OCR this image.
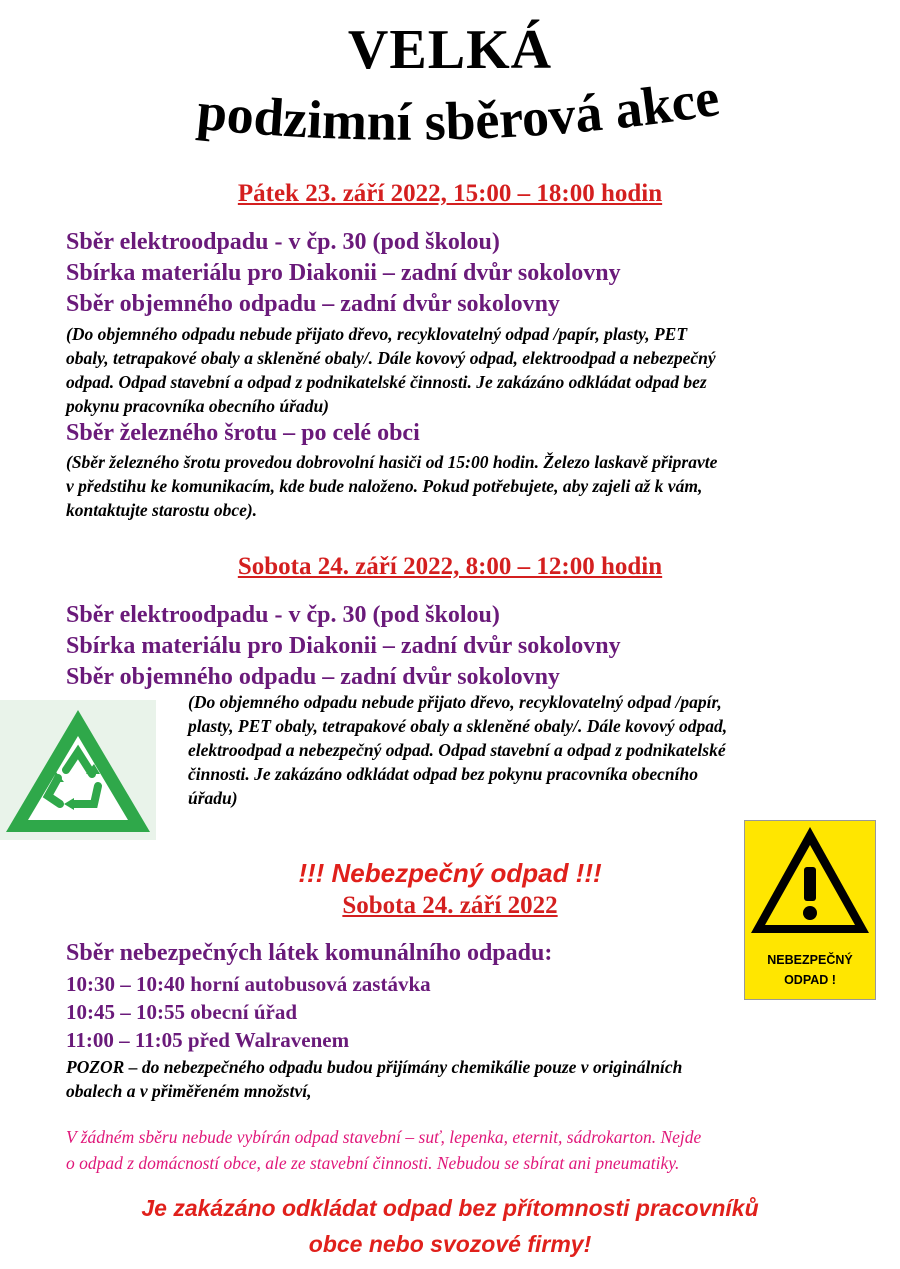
VELKÁ
podzimní sběrová akce
Pátek 23. září 2022, 15:00 – 18:00 hodin
Sběr elektroodpadu - v čp. 30 (pod školou)
Sbírka materiálu pro Diakonii – zadní dvůr sokolovny
Sběr objemného odpadu – zadní dvůr sokolovny
(Do objemného odpadu nebude přijato dřevo, recyklovatelný odpad /papír, plasty, PET
obaly, tetrapakové obaly a skleněné obaly/. Dále kovový odpad, elektroodpad a nebezpečný
odpad. Odpad stavební a odpad z podnikatelské činnosti. Je zakázáno odkládat odpad bez
pokynu pracovníka obecního úřadu)
Sběr železného šrotu – po celé obci
(Sběr železného šrotu provedou dobrovolní hasiči od 15:00 hodin. Železo laskavě připravte
v předstihu ke komunikacím, kde bude naloženo. Pokud potřebujete, aby zajeli až k vám,
kontaktujte starostu obce).
Sobota 24. září 2022, 8:00 – 12:00 hodin
Sběr elektroodpadu - v čp. 30 (pod školou)
Sbírka materiálu pro Diakonii – zadní dvůr sokolovny
Sběr objemného odpadu – zadní dvůr sokolovny
(Do objemného odpadu nebude přijato dřevo, recyklovatelný odpad /papír,
plasty, PET obaly, tetrapakové obaly a skleněné obaly/. Dále kovový odpad,
elektroodpad a nebezpečný odpad. Odpad stavební a odpad z podnikatelské
činnosti. Je zakázáno odkládat odpad bez pokynu pracovníka obecního
úřadu)
!!! Nebezpečný odpad !!!
Sobota 24. září 2022
NEBEZPEČNÝ
ODPAD !
Sběr nebezpečných látek komunálního odpadu:
10:30 – 10:40 horní autobusová zastávka
10:45 – 10:55 obecní úřad
11:00 – 11:05 před Walravenem
POZOR – do nebezpečného odpadu budou přijímány chemikálie pouze v originálních
obalech a v přiměřeném množství,
V žádném sběru nebude vybírán odpad stavební – suť, lepenka, eternit, sádrokarton. Nejde
o odpad z domácností obce, ale ze stavební činnosti. Nebudou se sbírat ani pneumatiky.
Je zakázáno odkládat odpad bez přítomnosti pracovníků
obce nebo svozové firmy!
